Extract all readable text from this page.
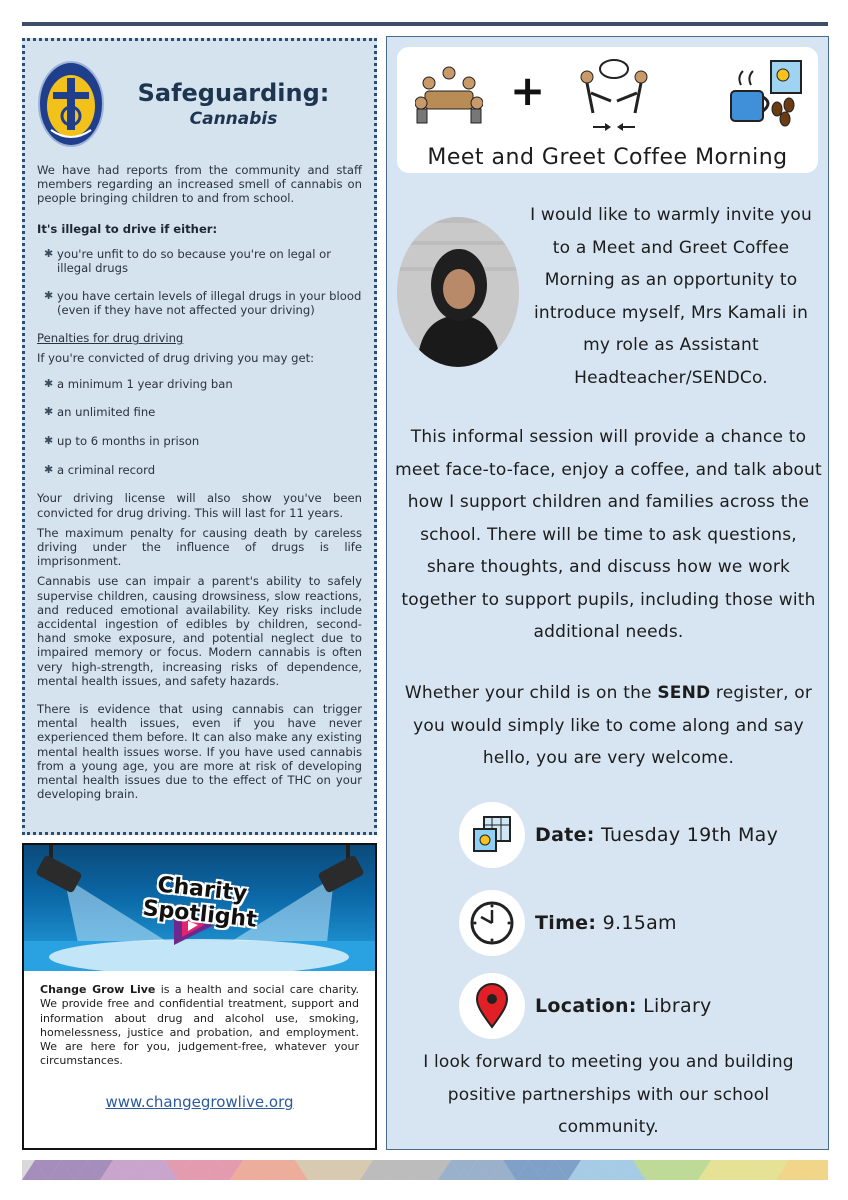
Safeguarding:
Cannabis

We have had reports from the community and staff members regarding an increased smell of cannabis on people bringing children to and from school.

It's illegal to drive if either:
✱ you're unfit to do so because you're on legal or illegal drugs
✱ you have certain levels of illegal drugs in your blood (even if they have not affected your driving)
Penalties for drug driving

If you're convicted of drug driving you may get:

✱ a minimum 1 year driving ban
✱ an unlimited fine
✱ up to 6 months in prison
✱ a criminal record

Your driving license will also show you've been convicted for drug driving. This will last for 11 years.

The maximum penalty for causing death by careless driving under the influence of drugs is life imprisonment.

Cannabis use can impair a parent's ability to safely supervise children, causing drowsiness, slow reactions, and reduced emotional availability. Key risks include accidental ingestion of edibles by children, second-hand smoke exposure, and potential neglect due to impaired memory or focus. Modern cannabis is often very high-strength, increasing risks of dependence, mental health issues, and safety hazards.

There is evidence that using cannabis can trigger mental health issues, even if you have never experienced them before. It can also make any existing mental health issues worse. If you have used cannabis from a young age, you are more at risk of developing mental health issues due to the effect of THC on your developing brain.

Charity Spotlight

Change Grow Live is a health and social care charity. We provide free and confidential treatment, support and information about drug and alcohol use, smoking, homelessness, justice and probation, and employment. We are here for you, judgement-free, whatever your circumstances.

www.changegrowlive.org
+
Meet and Greet Coffee Morning

I would like to warmly invite you to a Meet and Greet Coffee Morning as an opportunity to introduce myself, Mrs Kamali in my role as Assistant Headteacher/SENDCo.

This informal session will provide a chance to meet face-to-face, enjoy a coffee, and talk about how I support children and families across the school. There will be time to ask questions, share thoughts, and discuss how we work together to support pupils, including those with additional needs.

Whether your child is on the SEND register, or you would simply like to come along and say hello, you are very welcome.

Date: Tuesday 19th May
Time: 9.15am
Location: Library

I look forward to meeting you and building positive partnerships with our school community.
